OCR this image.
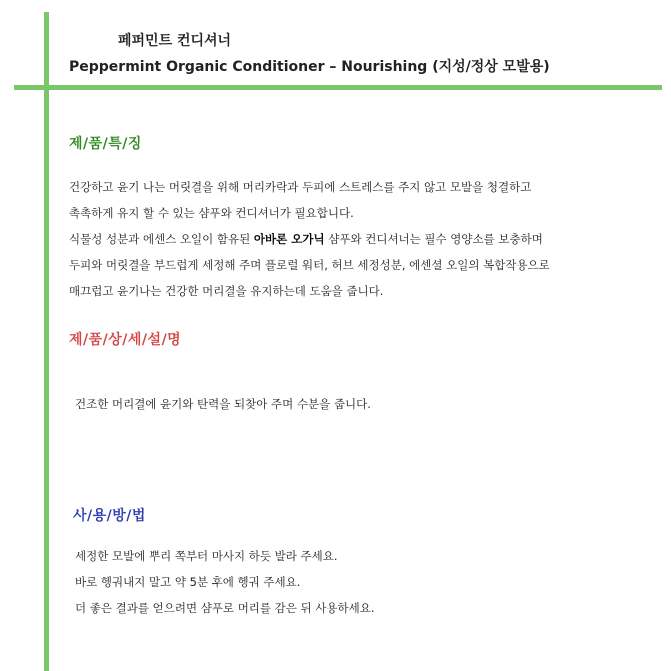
페퍼민트 컨디셔너
Peppermint Organic Conditioner – Nourishing (지성/정상 모발용)
제/품/특/징
건강하고 윤기 나는 머릿결을 위해 머리카락과 두피에 스트레스를 주지 않고 모발을 청결하고
촉촉하게 유지 할 수 있는 샴푸와 컨디셔너가 필요합니다.
식물성 성분과 에센스 오일이 함유된 아바론 오가닉 샴푸와 컨디셔너는 필수 영양소를 보충하며
두피와 머릿결을 부드럽게 세정해 주며 플로럴 워터, 허브 세정성분, 에센셜 오일의 복합작용으로
매끄럽고 윤기나는 건강한 머리결을 유지하는데 도움을 줍니다.
제/품/상/세/설/명
건조한 머리결에 윤기와 탄력을 되찾아 주며 수분을 줍니다.
사/용/방/법
세정한 모발에 뿌리 쪽부터 마사지 하듯 발라 주세요.
바로 헹궈내지 말고 약 5분 후에 헹궈 주세요.
더 좋은 결과를 얻으려면 샴푸로 머리를 감은 뒤 사용하세요.
